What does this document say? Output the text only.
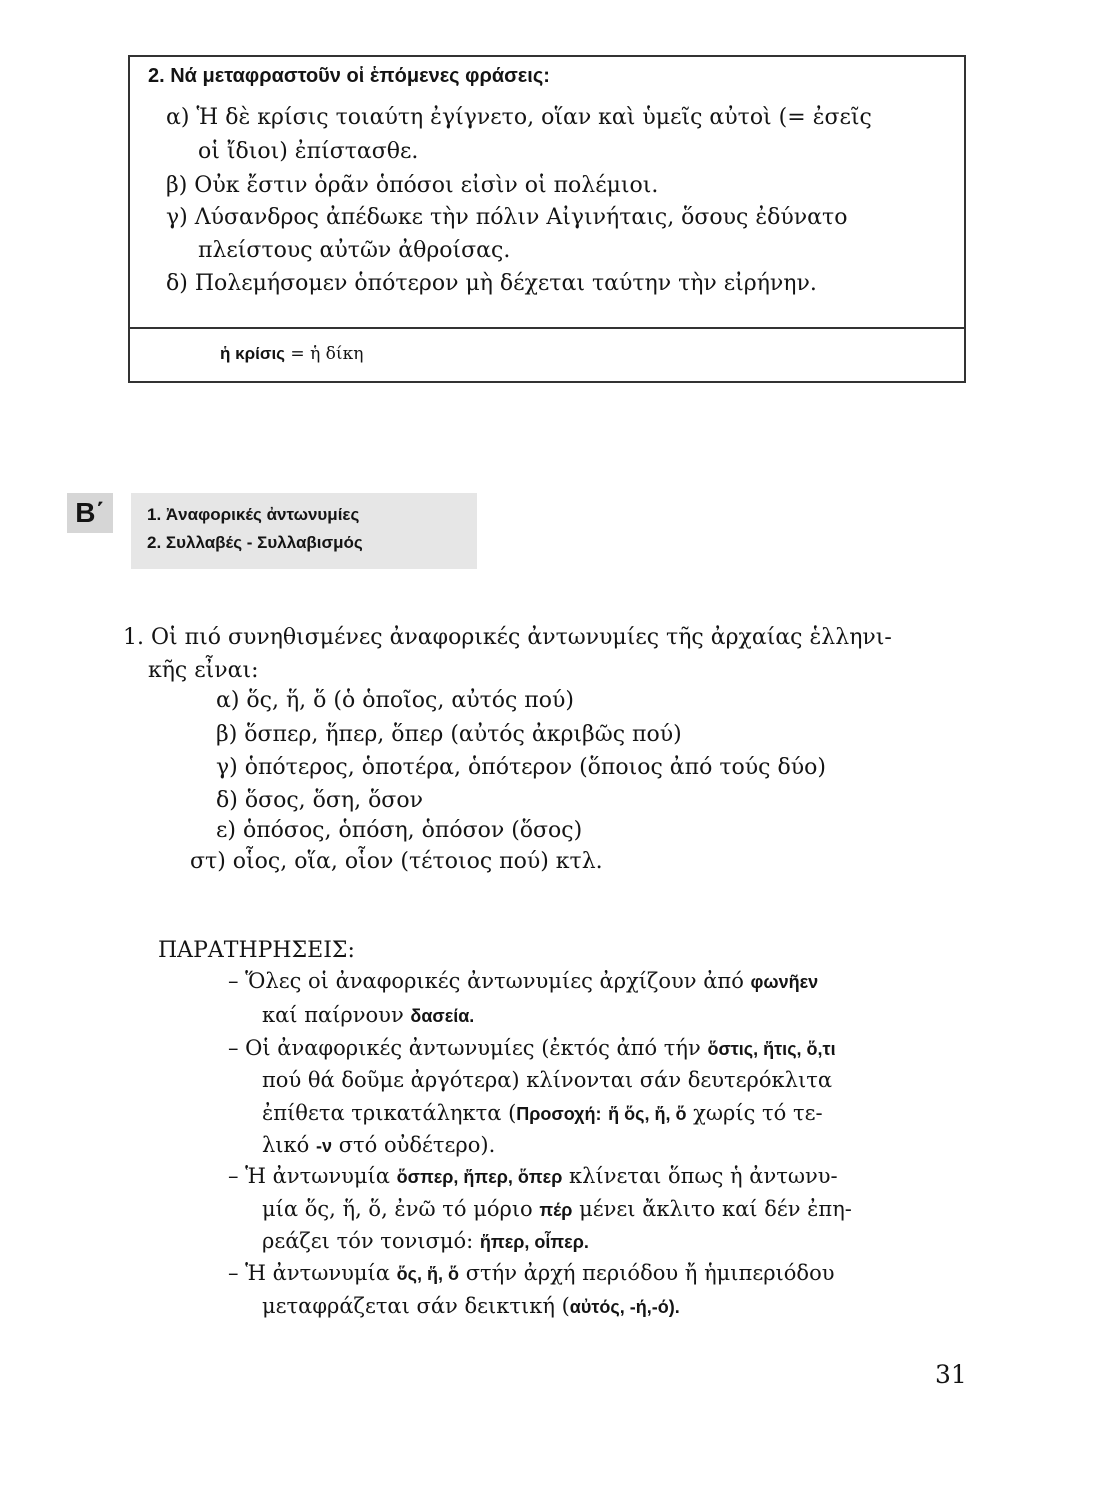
2. Νά μεταφραστοῦν οἱ ἑπόμενες φράσεις:
α) Ἡ δὲ κρίσις τοιαύτη ἐγίγνετο, οἵαν καὶ ὑμεῖς αὐτοὶ (= ἐσεῖς
οἱ ἴδιοι) ἐπίστασθε.
β) Οὐκ ἔστιν ὁρᾶν ὁπόσοι εἰσὶν οἱ πολέμιοι.
γ) Λύσανδρος ἀπέδωκε τὴν πόλιν Αἰγινήταις, ὅσους ἐδύνατο
πλείστους αὐτῶν ἀθροίσας.
δ) Πολεμήσομεν ὁπότερον μὴ δέχεται ταύτην τὴν εἰρήνην.
ἡ κρίσις = ἡ δίκη
Β΄	1. Ἀναφορικές ἀντωνυμίες
2. Συλλαβές - Συλλαβισμός
1. Οἱ πιό συνηθισμένες ἀναφορικές ἀντωνυμίες τῆς ἀρχαίας ἑλληνι-
κῆς εἶναι:
α) ὅς, ἥ, ὅ (ὁ ὁποῖος, αὐτός πού)
β) ὅσπερ, ἥπερ, ὅπερ (αὐτός ἀκριβῶς πού)
γ) ὁπότερος, ὁποτέρα, ὁπότερον (ὅποιος ἀπό τούς δύο)
δ) ὅσος, ὅση, ὅσον
ε) ὁπόσος, ὁπόση, ὁπόσον (ὅσος)
στ) οἷος, οἵα, οἷον (τέτοιος πού) κτλ.
ΠΑΡΑΤΗΡΗΣΕΙΣ:
– Ὅλες οἱ ἀναφορικές ἀντωνυμίες ἀρχίζουν ἀπό φωνῆεν
καί παίρνουν δασεία.
– Οἱ ἀναφορικές ἀντωνυμίες (ἐκτός ἀπό τήν ὅστις, ἥτις, ὅ,τι
πού θά δοῦμε ἀργότερα) κλίνονται σάν δευτερόκλιτα
ἐπίθετα τρικατάληκτα (Προσοχή: ἥ ὅς, ἥ, ὅ χωρίς τό τε-
λικό -ν στό οὐδέτερο).
– Ἡ ἀντωνυμία ὅσπερ, ἥπερ, ὅπερ κλίνεται ὅπως ἡ ἀντωνυ-
μία ὅς, ἥ, ὅ, ἐνῶ τό μόριο πέρ μένει ἄκλιτο καί δέν ἐπη-
ρεάζει τόν τονισμό: ἥπερ, οἷπερ.
– Ἡ ἀντωνυμία ὅς, ἥ, ὅ στήν ἀρχή περιόδου ἤ ἡμιπεριόδου
μεταφράζεται σάν δεικτική (αὐτός, -ή,-ό).
31
